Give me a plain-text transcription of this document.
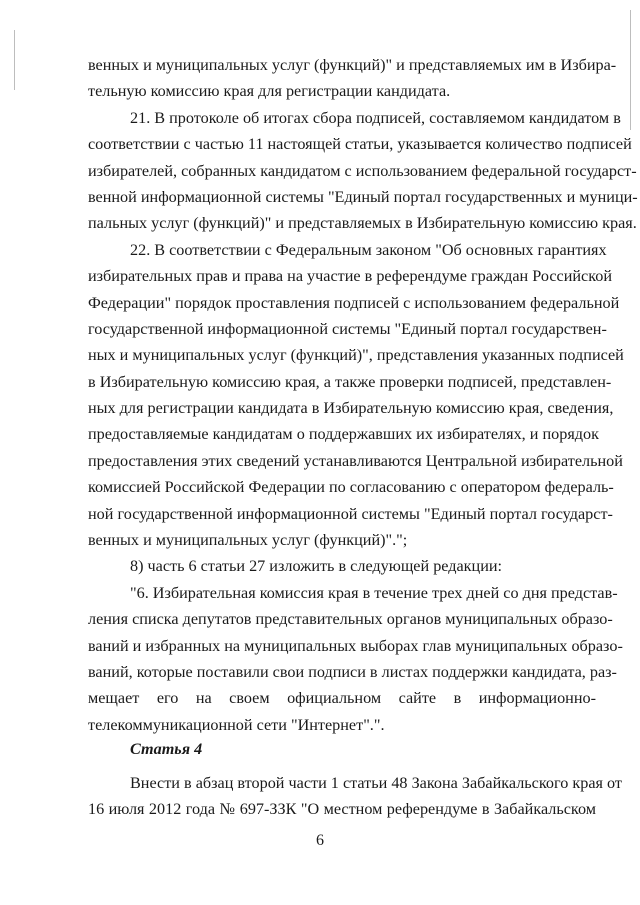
венных и муниципальных услуг (функций)" и представляемых им в Избира-
тельную комиссию края для регистрации кандидата.
21. В протоколе об итогах сбора подписей, составляемом кандидатом в
соответствии с частью 11 настоящей статьи, указывается количество подписей
избирателей, собранных кандидатом с использованием федеральной государст-
венной информационной системы "Единый портал государственных и муници-
пальных услуг (функций)" и представляемых в Избирательную комиссию края.
22. В соответствии с Федеральным законом "Об основных гарантиях
избирательных прав и права на участие в референдуме граждан Российской
Федерации" порядок проставления подписей с использованием федеральной
государственной информационной системы "Единый портал государствен-
ных и муниципальных услуг (функций)", представления указанных подписей
в Избирательную комиссию края, а также проверки подписей, представлен-
ных для регистрации кандидата в Избирательную комиссию края, сведения,
предоставляемые кандидатам о поддержавших их избирателях, и порядок
предоставления этих сведений устанавливаются Центральной избирательной
комиссией Российской Федерации по согласованию с оператором федераль-
ной государственной информационной системы "Единый портал государст-
венных и муниципальных услуг (функций)".";
8) часть 6 статьи 27 изложить в следующей редакции:
"6. Избирательная комиссия края в течение трех дней со дня представ-
ления списка депутатов представительных органов муниципальных образо-
ваний и избранных на муниципальных выборах глав муниципальных образо-
ваний, которые поставили свои подписи в листах поддержки кандидата, раз-
мещает его на своем официальном сайте в информационно-
телекоммуникационной сети "Интернет".".
Статья 4
Внести в абзац второй части 1 статьи 48 Закона Забайкальского края от
16 июля 2012 года № 697-ЗЗК "О местном референдуме в Забайкальском
6
